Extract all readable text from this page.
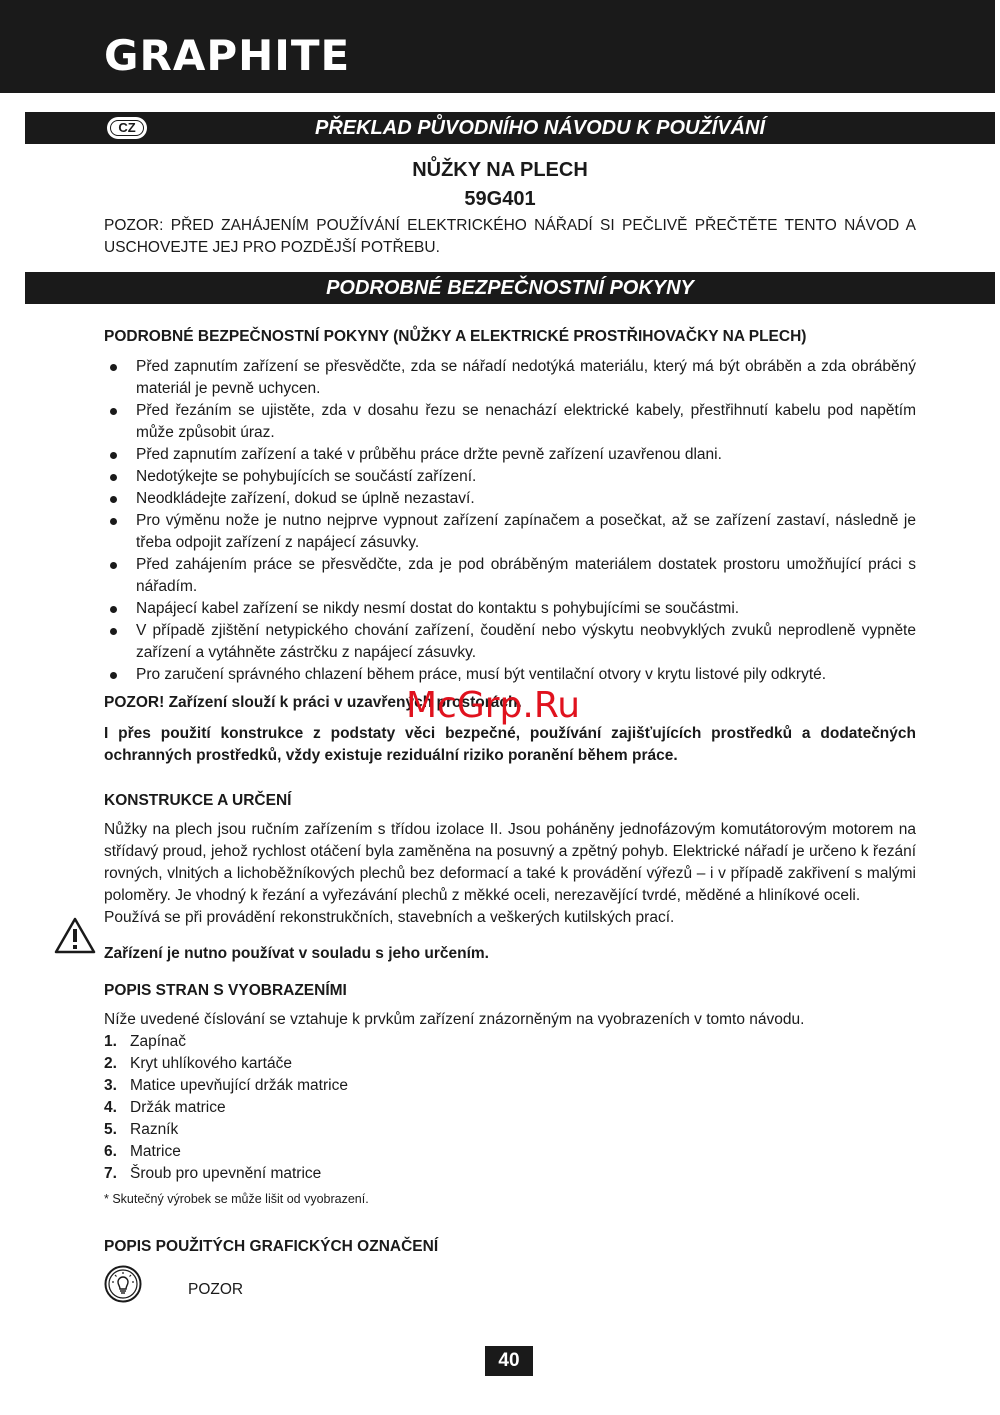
GRAPHITE
CZ	PŘEKLAD PŮVODNÍHO NÁVODU K POUŽÍVÁNÍ
NŮŽKY NA PLECH
59G401
POZOR: PŘED ZAHÁJENÍM POUŽÍVÁNÍ ELEKTRICKÉHO NÁŘADÍ SI PEČLIVĚ PŘEČTĚTE TENTO NÁVOD A USCHOVEJTE JEJ PRO POZDĚJŠÍ POTŘEBU.
PODROBNÉ BEZPEČNOSTNÍ POKYNY

PODROBNÉ BEZPEČNOSTNÍ POKYNY (NŮŽKY A ELEKTRICKÉ PROSTŘIHOVAČKY NA PLECH)

Před zapnutím zařízení se přesvědčte, zda se nářadí nedotýká materiálu, který má být obráběn a zda obráběný materiál je pevně uchycen.
Před řezáním se ujistěte, zda v dosahu řezu se nenachází elektrické kabely, přestřihnutí kabelu pod napětím může způsobit úraz.
Před zapnutím zařízení a také v průběhu práce držte pevně zařízení uzavřenou dlani.
Nedotýkejte se pohybujících se součástí zařízení.
Neodkládejte zařízení, dokud se úplně nezastaví.
Pro výměnu nože je nutno nejprve vypnout zařízení zapínačem a posečkat, až se zařízení zastaví, následně je třeba odpojit zařízení z napájecí zásuvky.
Před zahájením práce se přesvědčte, zda je pod obráběným materiálem dostatek prostoru umožňující práci s nářadím.
Napájecí kabel zařízení se nikdy nesmí dostat do kontaktu s pohybujícími se součástmi.
V případě zjištění netypického chování zařízení, čoudění nebo výskytu neobvyklých zvuků neprodleně vypněte zařízení a vytáhněte zástrčku z napájecí zásuvky.
Pro zaručení správného chlazení během práce, musí být ventilační otvory v krytu listové pily odkryté.

POZOR! Zařízení slouží k práci v uzavřených prostorách.

I přes použití konstrukce z podstaty věci bezpečné, používání zajišťujících prostředků a dodatečných ochranných prostředků, vždy existuje reziduální riziko poranění během práce.

KONSTRUKCE A URČENÍ

Nůžky na plech jsou ručním zařízením s třídou izolace II. Jsou poháněny jednofázovým komutátorovým motorem na střídavý proud, jehož rychlost otáčení byla zaměněna na posuvný a zpětný pohyb. Elektrické nářadí je určeno k řezání rovných, vlnitých a lichoběžníkových plechů bez deformací a také k provádění výřezů – i v případě zakřivení s malými poloměry. Je vhodný k řezání a vyřezávání plechů z měkké oceli, nerezavějící tvrdé, měděné a hliníkové oceli.

Používá se při provádění rekonstrukčních, stavebních a veškerých kutilských prací.

Zařízení je nutno používat v souladu s jeho určením.

POPIS STRAN S VYOBRAZENÍMI

Níže uvedené číslování se vztahuje k prvkům zařízení znázorněným na vyobrazeních v tomto návodu.

1. Zapínač
2. Kryt uhlíkového kartáče
3. Matice upevňující držák matrice
4. Držák matrice
5. Razník
6. Matrice
7. Šroub pro upevnění matrice

* Skutečný výrobek se může lišit od vyobrazení.

POPIS POUŽITÝCH GRAFICKÝCH OZNAČENÍ

POZOR
40
McGrp.Ru
